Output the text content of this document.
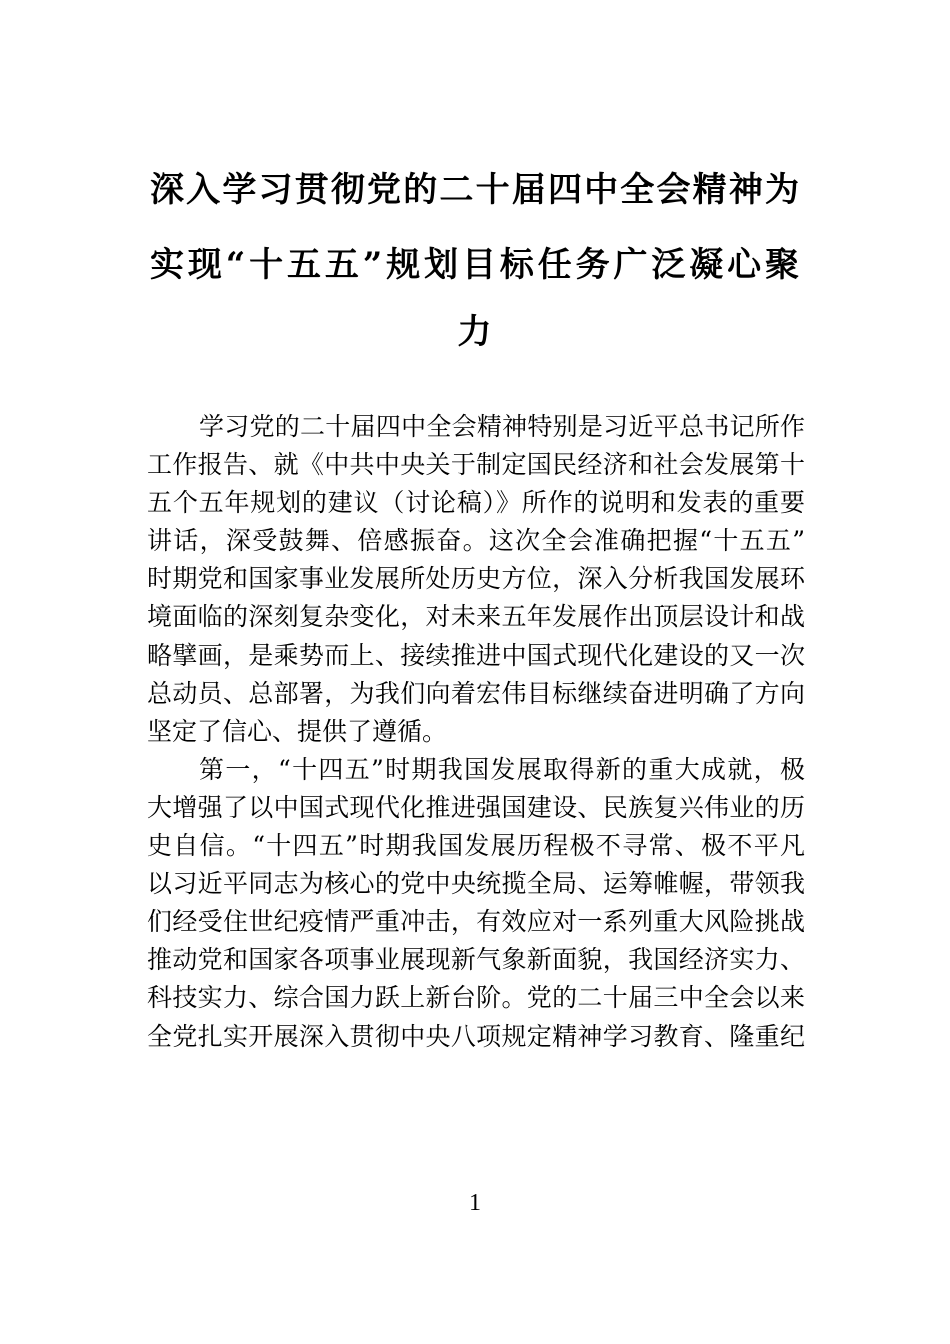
深入学习贯彻党的二十届四中全会精神为
实现“十五五”规划目标任务广泛凝心聚
力
学习党的二十届四中全会精神特别是习近平总书记所作
工作报告、就《中共中央关于制定国民经济和社会发展第十
五个五年规划的建议（讨论稿）》所作的说明和发表的重要
讲话，深受鼓舞、倍感振奋。这次全会准确把握“十五五”
时期党和国家事业发展所处历史方位，深入分析我国发展环
境面临的深刻复杂变化，对未来五年发展作出顶层设计和战
略擘画，是乘势而上、接续推进中国式现代化建设的又一次
总动员、总部署，为我们向着宏伟目标继续奋进明确了方向
坚定了信心、提供了遵循。
第一，“十四五”时期我国发展取得新的重大成就，极
大增强了以中国式现代化推进强国建设、民族复兴伟业的历
史自信。“十四五”时期我国发展历程极不寻常、极不平凡
以习近平同志为核心的党中央统揽全局、运筹帷幄，带领我
们经受住世纪疫情严重冲击，有效应对一系列重大风险挑战
推动党和国家各项事业展现新气象新面貌，我国经济实力、
科技实力、综合国力跃上新台阶。党的二十届三中全会以来
全党扎实开展深入贯彻中央八项规定精神学习教育、隆重纪
1
